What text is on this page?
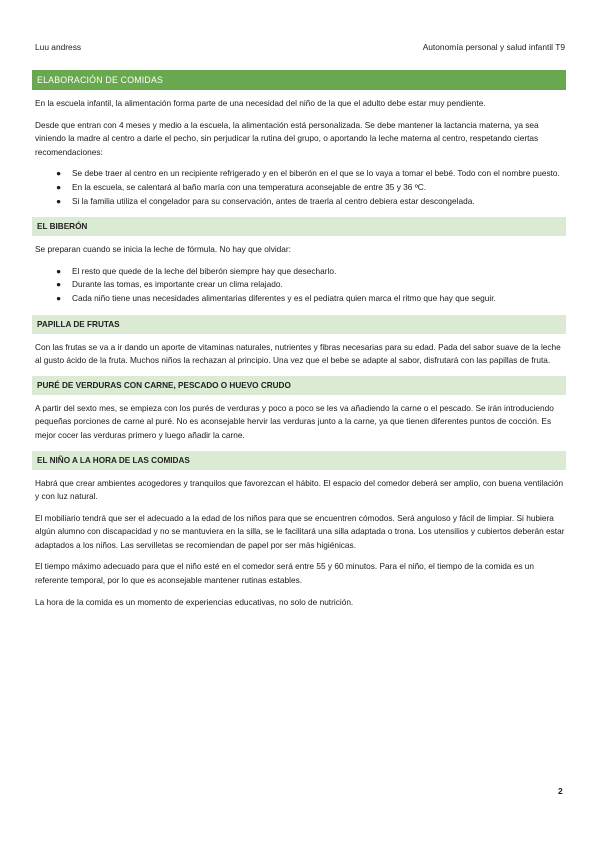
Luu andress	Autonomía personal y salud infantil T9
ELABORACIÓN DE COMIDAS

En la escuela infantil, la alimentación forma parte de una necesidad del niño de la que el adulto debe estar muy pendiente.

Desde que entran con 4 meses y medio a la escuela, la alimentación está personalizada. Se debe mantener la lactancia materna, ya sea viniendo la madre al centro a darle el pecho, sin perjudicar la rutina del grupo, o aportando la leche materna al centro, respetando ciertas recomendaciones:

● Se debe traer al centro en un recipiente refrigerado y en el biberón en el que se lo vaya a tomar el bebé. Todo con el nombre puesto.
● En la escuela, se calentará al baño maría con una temperatura aconsejable de entre 35 y 36 ºC.
● Si la familia utiliza el congelador para su conservación, antes de traerla al centro debiera estar descongelada.
EL BIBERÓN

Se preparan cuando se inicia la leche de fórmula. No hay que olvidar:

● El resto que quede de la leche del biberón siempre hay que desecharlo.
● Durante las tomas, es importante crear un clima relajado.
● Cada niño tiene unas necesidades alimentarias diferentes y es el pediatra quien marca el ritmo que hay que seguir.
PAPILLA DE FRUTAS

Con las frutas se va a ir dando un aporte de vitaminas naturales, nutrientes y fibras necesarias para su edad. Pada del sabor suave de la leche al gusto ácido de la fruta. Muchos niños la rechazan al principio. Una vez que el bebe se adapte al sabor, disfrutará con las papillas de fruta.

PURÉ DE VERDURAS CON CARNE, PESCADO O HUEVO CRUDO

A partir del sexto mes, se empieza con los purés de verduras y poco a poco se les va añadiendo la carne o el pescado. Se irán introduciendo pequeñas porciones de carne al puré. No es aconsejable hervir las verduras junto a la carne, ya que tienen diferentes puntos de cocción. Es mejor cocer las verduras primero y luego añadir la carne.

EL NIÑO A LA HORA DE LAS COMIDAS

Habrá que crear ambientes acogedores y tranquilos que favorezcan el hábito. El espacio del comedor deberá ser amplio, con buena ventilación y con luz natural.

El mobiliario tendrá que ser el adecuado a la edad de los niños para que se encuentren cómodos. Será anguloso y fácil de limpiar. Si hubiera algún alumno con discapacidad y no se mantuviera en la silla, se le facilitará una silla adaptada o trona. Los utensilios y cubiertos deberán estar adaptados a los niños. Las servilletas se recomiendan de papel por ser más higiénicas.

El tiempo máximo adecuado para que el niño esté en el comedor será entre 55 y 60 minutos. Para el niño, el tiempo de la comida es un referente temporal, por lo que es aconsejable mantener rutinas estables.

La hora de la comida es un momento de experiencias educativas, no solo de nutrición.

2
